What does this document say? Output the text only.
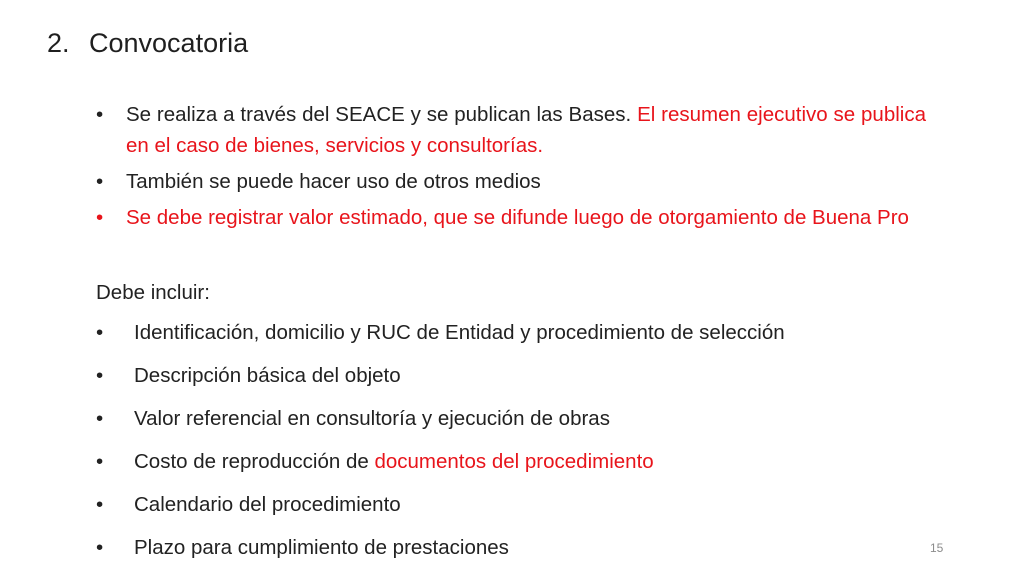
2. Convocatoria
• Se realiza a través del SEACE y se publican las Bases. El resumen ejecutivo se publica en el caso de bienes, servicios y consultorías.
• También se puede hacer uso de otros medios
• Se debe registrar valor estimado, que se difunde luego de otorgamiento de Buena Pro
Debe incluir:
• Identificación, domicilio y RUC de Entidad y procedimiento de selección
• Descripción básica del objeto
• Valor referencial en consultoría y ejecución de obras
• Costo de reproducción de documentos del procedimiento
• Calendario del procedimiento
• Plazo para cumplimiento de prestaciones	15
